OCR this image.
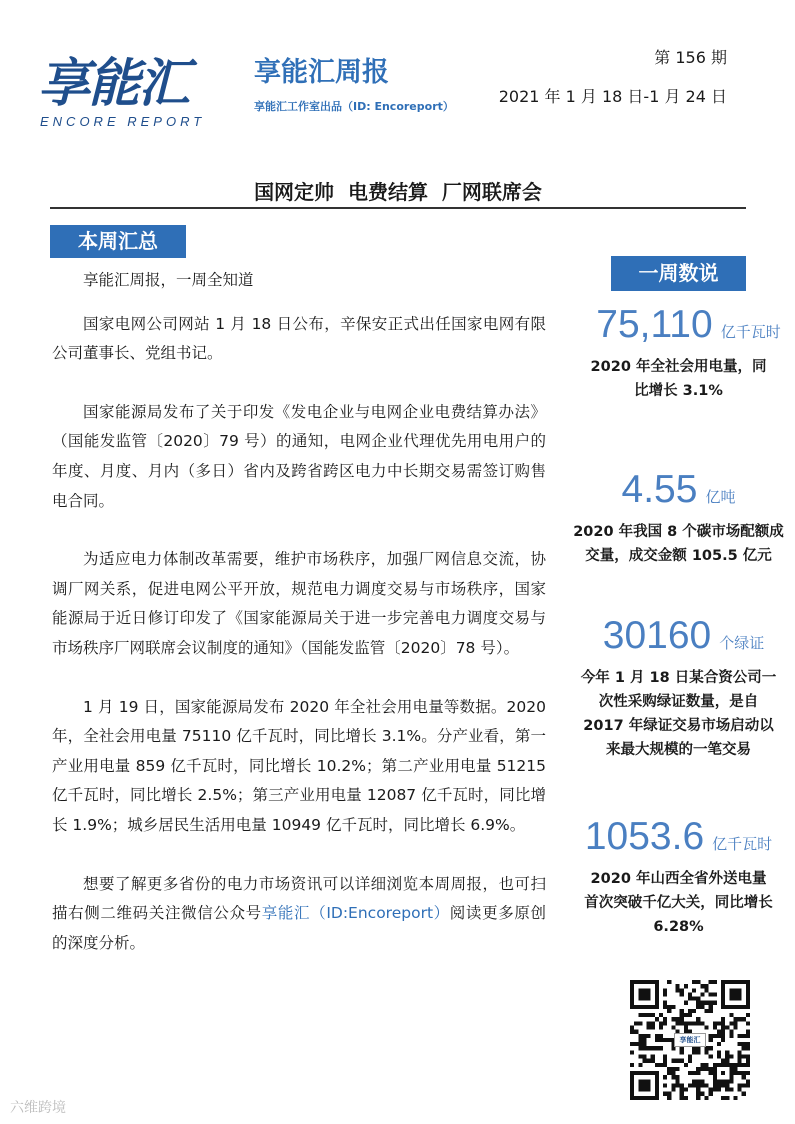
享能汇
ENCORE REPORT
享能汇周报
享能汇工作室出品（ID: Encoreport）
第 156 期
2021 年 1 月 18 日-1 月 24 日
国网定帅  电费结算  厂网联席会
本周汇总

享能汇周报，一周全知道

国家电网公司网站 1 月 18 日公布，辛保安正式出任国家电网有限公司董事长、党组书记。

国家能源局发布了关于印发《发电企业与电网企业电费结算办法》（国能发监管〔2020〕79 号）的通知，电网企业代理优先用电用户的年度、月度、月内（多日）省内及跨省跨区电力中长期交易需签订购售电合同。

为适应电力体制改革需要，维护市场秩序，加强厂网信息交流，协调厂网关系，促进电网公平开放，规范电力调度交易与市场秩序，国家能源局于近日修订印发了《国家能源局关于进一步完善电力调度交易与市场秩序厂网联席会议制度的通知》（国能发监管〔2020〕78 号）。

1 月 19 日，国家能源局发布 2020 年全社会用电量等数据。2020 年，全社会用电量 75110 亿千瓦时，同比增长 3.1%。分产业看，第一产业用电量 859 亿千瓦时，同比增长 10.2%；第二产业用电量 51215 亿千瓦时，同比增长 2.5%；第三产业用电量 12087 亿千瓦时，同比增长 1.9%；城乡居民生活用电量 10949 亿千瓦时，同比增长 6.9%。

想要了解更多省份的电力市场资讯可以详细浏览本周周报，也可扫描右侧二维码关注微信公众号享能汇（ID:Encoreport）阅读更多原创的深度分析。

一周数说
75,110 亿千瓦时
2020 年全社会用电量，同比增长 3.1%
4.55 亿吨
2020 年我国 8 个碳市场配额成交量，成交金额 105.5 亿元
30160 个绿证
今年 1 月 18 日某合资公司一次性采购绿证数量，是自 2017 年绿证交易市场启动以来最大规模的一笔交易
1053.6 亿千瓦时
2020 年山西全省外送电量首次突破千亿大关，同比增长 6.28%
享能汇
六维跨境
